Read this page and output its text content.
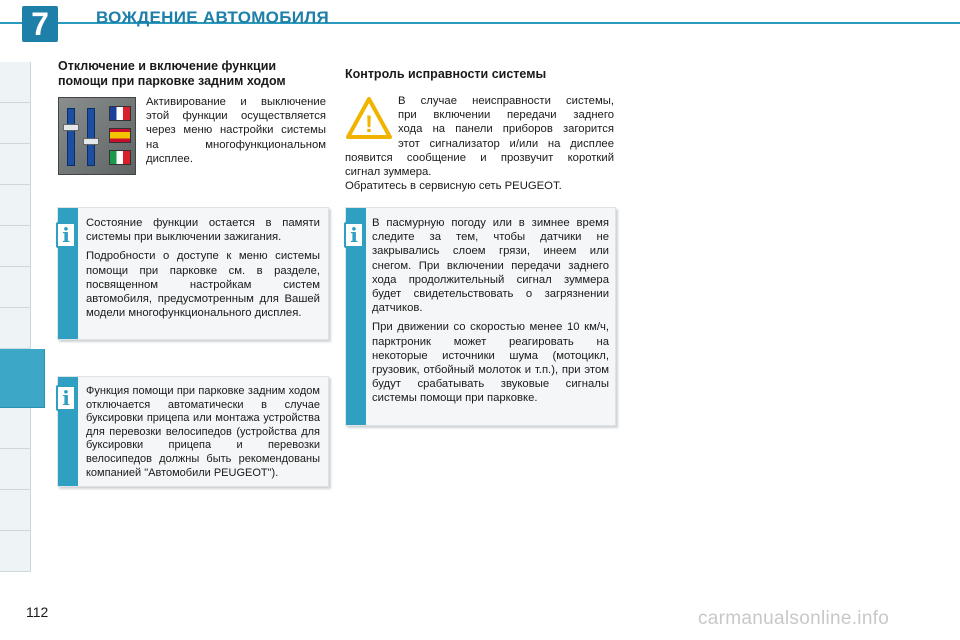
7	ВОЖДЕНИЕ АВТОМОБИЛЯ
Отключение и включение функции
помощи при парковке задним ходом

Активирование и выключение этой функции осуществляется через меню настройки системы на многофункциональном дисплее.

Состояние функции остается в памяти системы при выключении зажигания.

Подробности о доступе к меню системы помощи при парковке см. в разделе, посвященном настройкам систем автомобиля, предусмотренным для Вашей модели многофункционального дисплея.

i

Функция помощи при парковке задним ходом отключается автоматически в случае буксировки прицепа или монтажа устройства для перевозки велосипедов (устройства для буксировки прицепа и перевозки велосипедов должны быть рекомендованы компанией "Автомобили PEUGEOT").

i
Контроль исправности системы
!
В случае неисправности системы,
при включении передачи заднего
хода на панели приборов загорится
этот сигнализатор и/или на дисплее
появится сообщение и прозвучит короткий
сигнал зуммера.

Обратитесь в сервисную сеть PEUGEOT.

В пасмурную погоду или в зимнее время следите за тем, чтобы датчики не закрывались слоем грязи, инеем или снегом. При включении передачи заднего хода продолжительный сигнал зуммера будет свидетельствовать о загрязнении датчиков.

При движении со скоростью менее 10 км/ч, парктроник может реагировать на некоторые источники шума (мотоцикл, грузовик, отбойный молоток и т.п.), при этом будут срабатывать звуковые сигналы системы помощи при парковке.

i
112	carmanualsonline.info
